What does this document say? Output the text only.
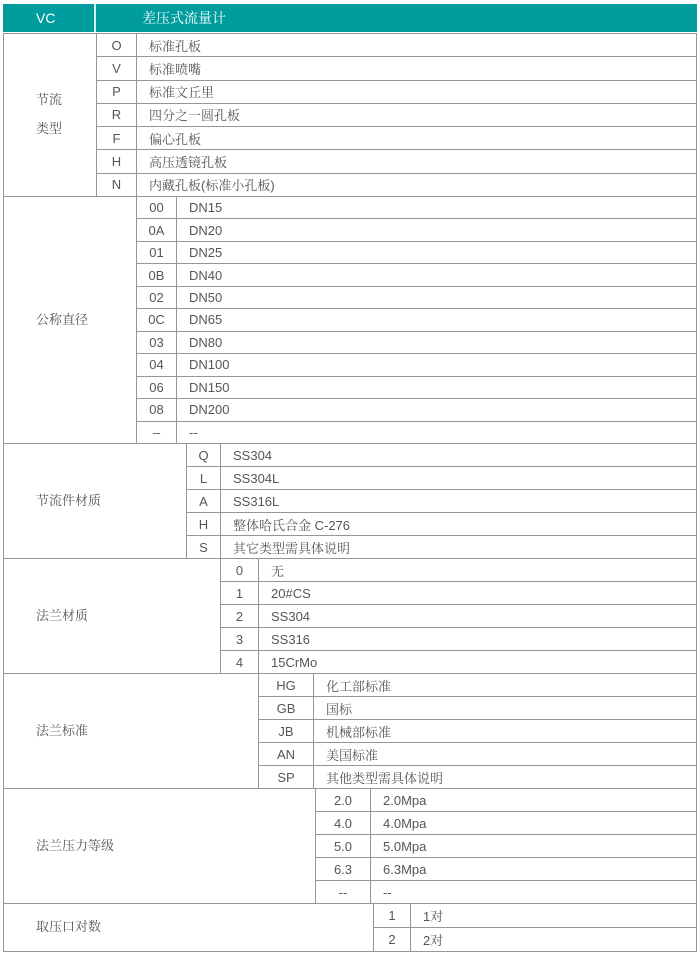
VC	差压式流量计
节流
类型
O	标准孔板
V	标准喷嘴
P	标准文丘里
R	四分之一圆孔板
F	偏心孔板
H	高压透镜孔板
N	内藏孔板(标准小孔板)
公称直径
00	DN15
0A	DN20
01	DN25
0B	DN40
02	DN50
0C	DN65
03	DN80
04	DN100
06	DN150
08	DN200
–	--
节流件材质
Q	SS304
L	SS304L
A	SS316L
H	整体哈氏合金 C-276
S	其它类型需具体说明
法兰材质
0	无
1	20#CS
2	SS304
3	SS316
4	15CrMo
法兰标准
HG	化工部标准
GB	国标
JB	机械部标准
AN	美国标准
SP	其他类型需具体说明
法兰压力等级
2.0	2.0Mpa
4.0	4.0Mpa
5.0	5.0Mpa
6.3	6.3Mpa
--	--
取压口对数
1	1对
2	2对
